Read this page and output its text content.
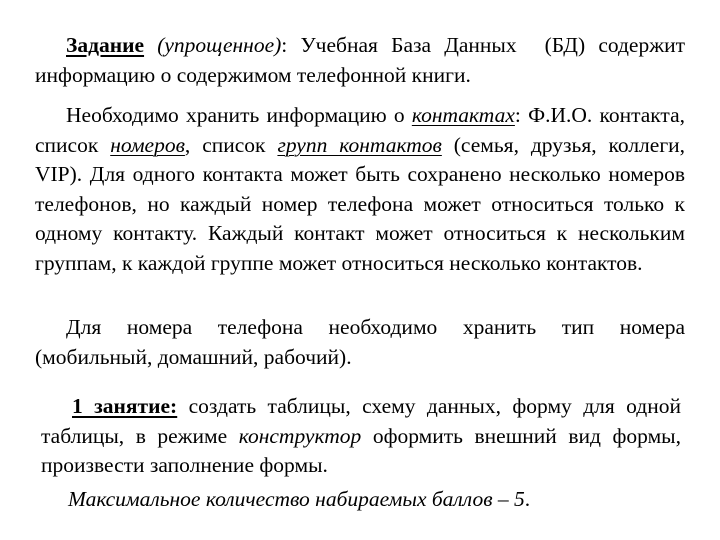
Задание (упрощенное): Учебная База Данных (БД) содержит информацию о содержимом телефонной книги.

Необходимо хранить информацию о контактах: Ф.И.О. контакта, список номеров, список групп контактов (семья, друзья, коллеги, VIP). Для одного контакта может быть сохранено несколько номеров телефонов, но каждый номер телефона может относиться только к одному контакту. Каждый контакт может относиться к нескольким группам, к каждой группе может относиться несколько контактов.

Для номера телефона необходимо хранить тип номера (мобильный, домашний, рабочий).

1 занятие: создать таблицы, схему данных, форму для одной таблицы, в режиме конструктор оформить внешний вид формы, произвести заполнение формы.

Максимальное количество набираемых баллов – 5.
